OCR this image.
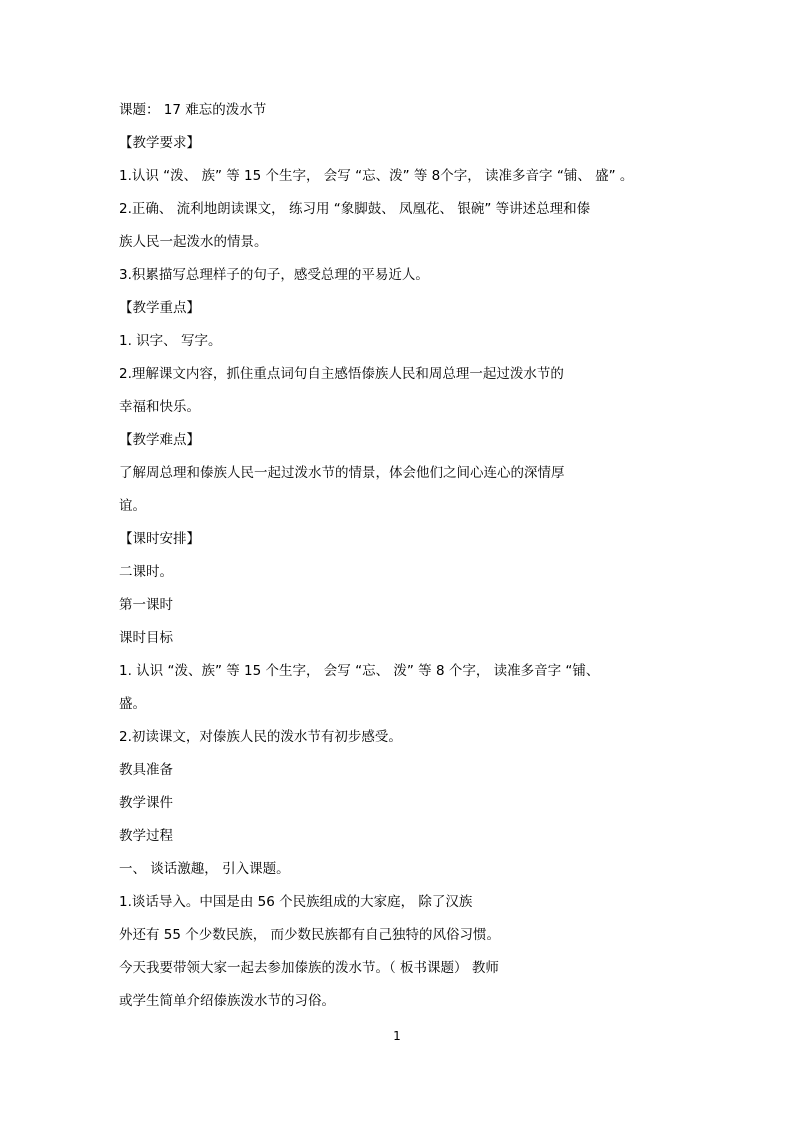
课题： 17 难忘的泼水节
【教学要求】
1.认识 “泼、 族” 等 15 个生字， 会写 “忘、泼” 等 8个字， 读准多音字 “铺、 盛” 。
2.正确、 流利地朗读课文， 练习用 “象脚鼓、 凤凰花、 银碗” 等讲述总理和傣
族人民一起泼水的情景。
3.积累描写总理样子的句子，感受总理的平易近人。
【教学重点】
1. 识字、 写字。
2.理解课文内容，抓住重点词句自主感悟傣族人民和周总理一起过泼水节的
幸福和快乐。
【教学难点】
了解周总理和傣族人民一起过泼水节的情景，体会他们之间心连心的深情厚
谊。
【课时安排】
二课时。
第一课时
课时目标
1. 认识 “泼、族” 等 15 个生字， 会写 “忘、 泼” 等 8 个字， 读准多音字 “铺、
盛。
2.初读课文，对傣族人民的泼水节有初步感受。
教具准备
教学课件
教学过程
一、 谈话激趣， 引入课题。
1.谈话导入。中国是由 56 个民族组成的大家庭， 除了汉族
外还有 55 个少数民族， 而少数民族都有自己独特的风俗习惯。
今天我要带领大家一起去参加傣族的泼水节。（ 板书课题） 教师
或学生简单介绍傣族泼水节的习俗。
1
